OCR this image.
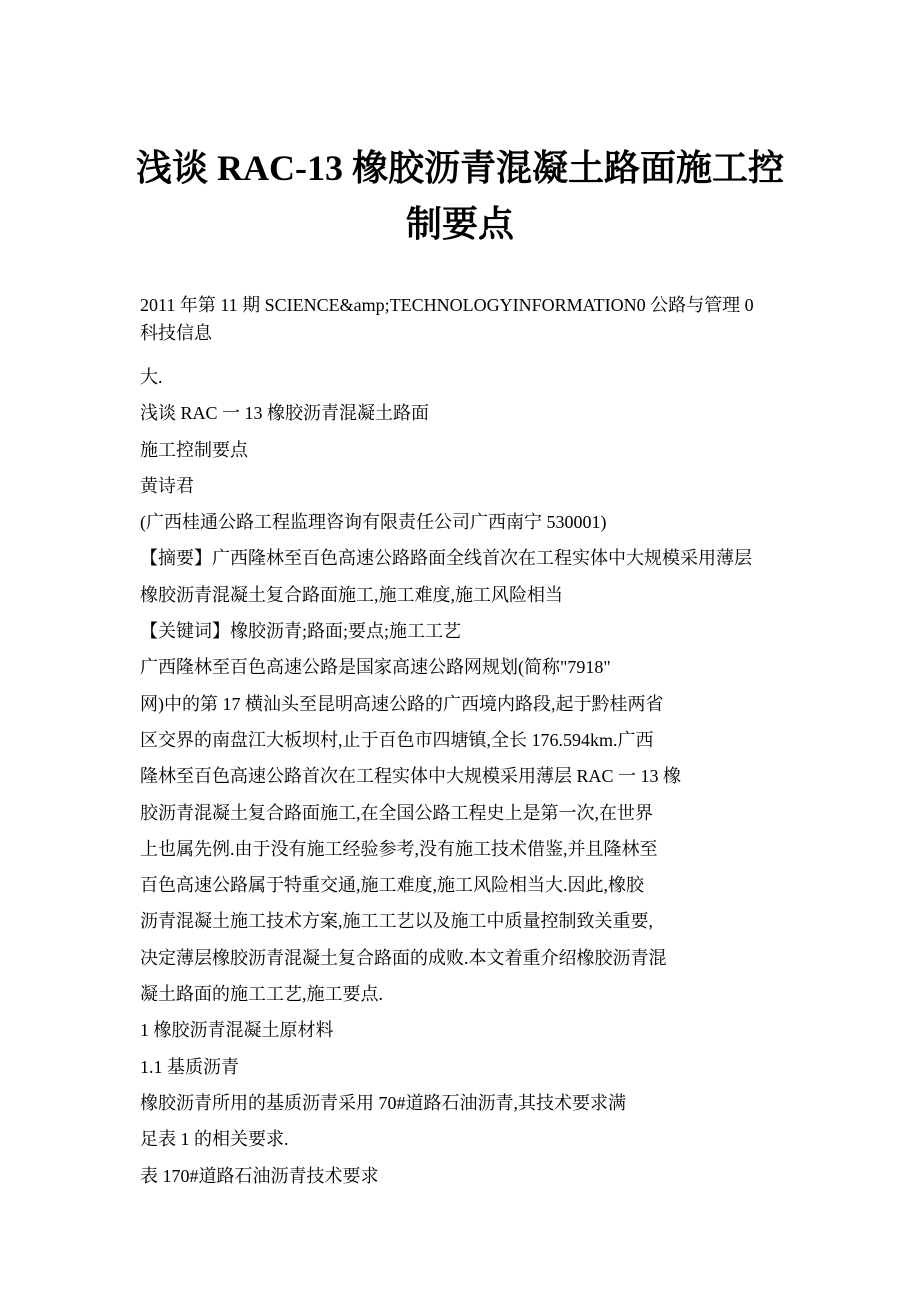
浅谈 RAC-13 橡胶沥青混凝土路面施工控
制要点
2011 年第 11 期 SCIENCE&amp;TECHNOLOGYINFORMATION0 公路与管理 0
科技信息
大.
浅谈 RAC 一 13 橡胶沥青混凝土路面
施工控制要点
黄诗君
(广西桂通公路工程监理咨询有限责任公司广西南宁 530001)
【摘要】广西隆林至百色高速公路路面全线首次在工程实体中大规模采用薄层
橡胶沥青混凝土复合路面施工,施工难度,施工风险相当
【关键词】橡胶沥青;路面;要点;施工工艺
广西隆林至百色高速公路是国家高速公路网规划(简称"7918"
网)中的第 17 横汕头至昆明高速公路的广西境内路段,起于黔桂两省
区交界的南盘江大板坝村,止于百色市四塘镇,全长 176.594km.广西
隆林至百色高速公路首次在工程实体中大规模采用薄层 RAC 一 13 橡
胶沥青混凝土复合路面施工,在全国公路工程史上是第一次,在世界
上也属先例.由于没有施工经验参考,没有施工技术借鉴,并且隆林至
百色高速公路属于特重交通,施工难度,施工风险相当大.因此,橡胶
沥青混凝土施工技术方案,施工工艺以及施工中质量控制致关重要,
决定薄层橡胶沥青混凝土复合路面的成败.本文着重介绍橡胶沥青混
凝土路面的施工工艺,施工要点.
1 橡胶沥青混凝土原材料
1.1 基质沥青
橡胶沥青所用的基质沥青采用 70#道路石油沥青,其技术要求满
足表 1 的相关要求.
表 170#道路石油沥青技术要求
